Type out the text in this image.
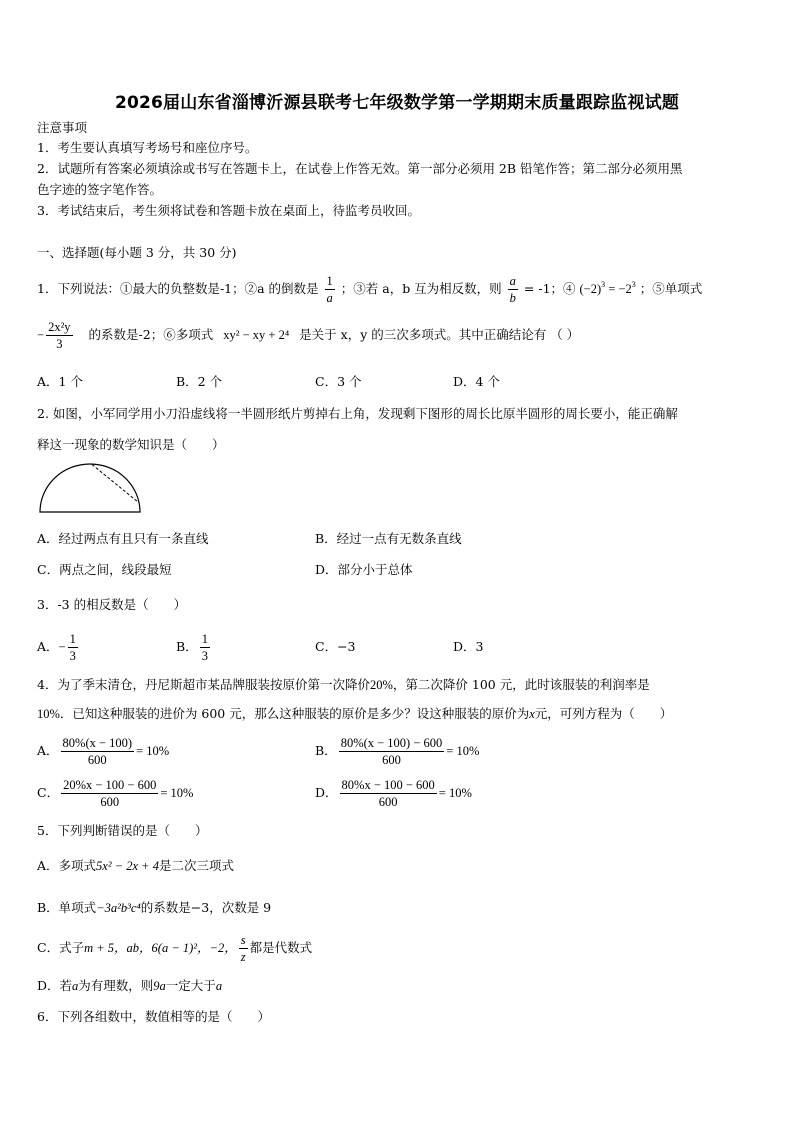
2026届山东省淄博沂源县联考七年级数学第一学期期末质量跟踪监视试题
注意事项
1．考生要认真填写考场号和座位序号。
2．试题所有答案必须填涂或书写在答题卡上，在试卷上作答无效。第一部分必须用 2B 铅笔作答；第二部分必须用黑
色字迹的签字笔作答。
3．考试结束后，考生须将试卷和答题卡放在桌面上，待监考员收回。
一、选择题(每小题 3 分，共 30 分)
1．下列说法：①最大的负整数是-1；②a 的倒数是 $\frac{1}{a}$ ；③若 a，b 互为相反数，则 $\frac{a}{b} = -1$；④ $(-2)^3 = -2^3$ ；⑤单项式
− $\frac{\text{2x²y}}{3}$ 的系数是-2；⑥多项式 xy² − xy + 2⁴ 是关于 x，y 的三次多项式。其中正确结论有 （ ）
A．1 个	B．2 个	C．3 个	D．4 个
2. 如图，小军同学用小刀沿虚线将一半圆形纸片剪掉右上角，发现剩下图形的周长比原半圆形的周长要小，能正确解
释这一现象的数学知识是（　　）
A．经过两点有且只有一条直线	B．经过一点有无数条直线
C．两点之间，线段最短	D．部分小于总体
3．-3 的相反数是（　　）
A．− $\frac{1}{3}$	B． $\frac{1}{3}$	C．−3	D．3
4．为了季末清仓，丹尼斯超市某品牌服装按原价第一次降价20%，第二次降价 100 元，此时该服装的利润率是
10%．已知这种服装的进价为 600 元，那么这种服装的原价是多少？设这种服装的原价为x元，可列方程为（　　）
A． $\frac{80\%(x - 100)}{600} = 10\%$	B． $\frac{80\%(x - 100) - 600}{600} = 10\%$
C． $\frac{20\%x - 100 - 600}{600} = 10\%$	D． $\frac{80\%x - 100 - 600}{600} = 10\%$
5．下列判断错误的是（　　）
A．多项式5x² − 2x + 4是二次三项式
B．单项式−3a²b³c⁴的系数是−3，次数是 9
C．式子m + 5，ab，6(a − 1)²，−2， $\frac{s}{z}$ 都是代数式
D．若a为有理数，则9a一定大于a
6．下列各组数中，数值相等的是（　　）
